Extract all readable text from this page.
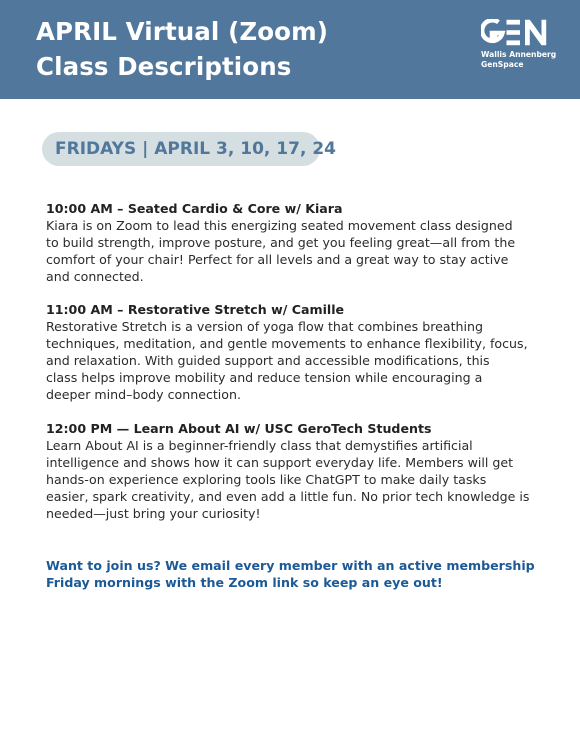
APRIL Virtual (Zoom)
Class Descriptions	Wallis Annenberg
GenSpace
FRIDAYS | APRIL 3, 10, 17, 24
10:00 AM – Seated Cardio & Core w/ Kiara
Kiara is on Zoom to lead this energizing seated movement class designed
to build strength, improve posture, and get you feeling great—all from the
comfort of your chair! Perfect for all levels and a great way to stay active
and connected.
11:00 AM – Restorative Stretch w/ Camille
Restorative Stretch is a version of yoga flow that combines breathing
techniques, meditation, and gentle movements to enhance flexibility, focus,
and relaxation. With guided support and accessible modifications, this
class helps improve mobility and reduce tension while encouraging a
deeper mind–body connection.
12:00 PM — Learn About AI w/ USC GeroTech Students
Learn About AI is a beginner-friendly class that demystifies artificial
intelligence and shows how it can support everyday life. Members will get
hands-on experience exploring tools like ChatGPT to make daily tasks
easier, spark creativity, and even add a little fun. No prior tech knowledge is
needed—just bring your curiosity!
Want to join us? We email every member with an active membership
Friday mornings with the Zoom link so keep an eye out!
